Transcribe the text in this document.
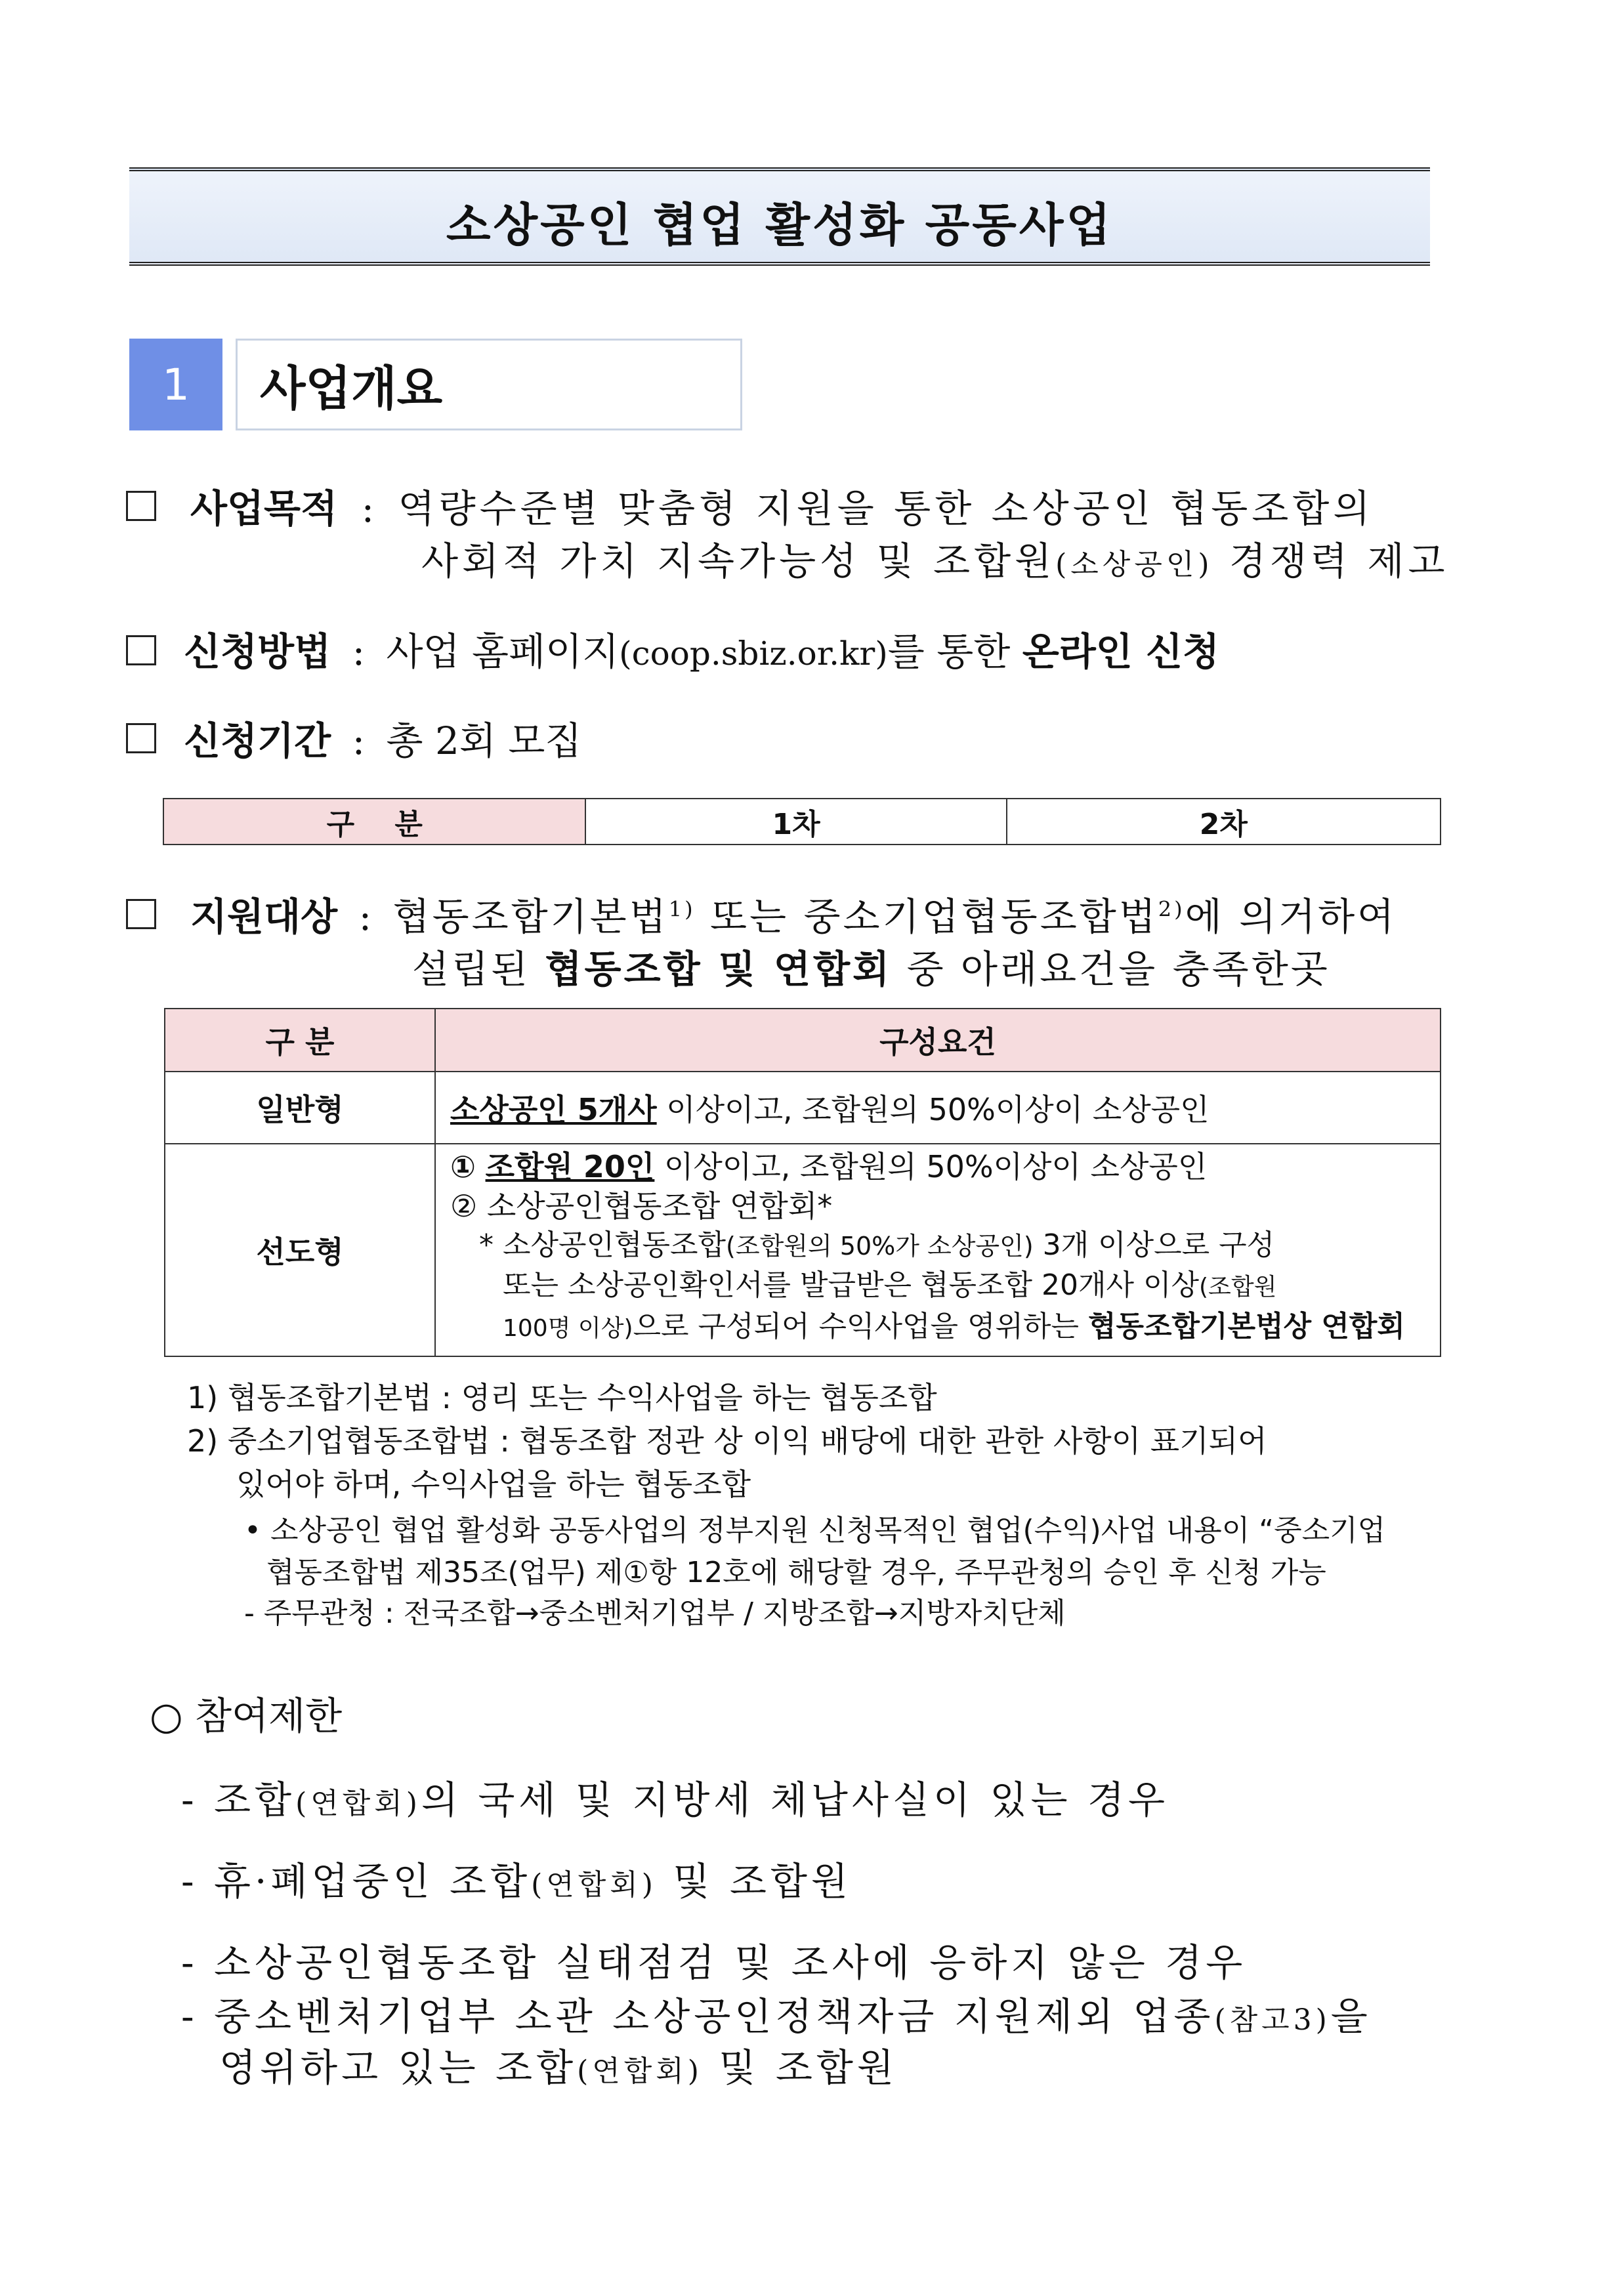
소상공인 협업 활성화 공동사업
1	사업개요
사업목적 : 역량수준별 맞춤형 지원을 통한 소상공인 협동조합의
사회적 가치 지속가능성 및 조합원(소상공인) 경쟁력 제고
신청방법 : 사업 홈페이지(coop.sbiz.or.kr)를 통한 온라인 신청
신청기간 : 총 2회 모집
구    분	1차	2차
지원대상 : 협동조합기본법$^{1)}$ 또는 중소기업협동조합법$^{2)}$에 의거하여
설립된 협동조합 및 연합회 중 아래요건을 충족한곳
구 분	구성요건
일반형	소상공인 5개사 이상이고, 조합원의 50%이상이 소상공인
선도형	① 조합원 20인 이상이고, 조합원의 50%이상이 소상공인
② 소상공인협동조합 연합회*
* 소상공인협동조합(조합원의 50%가 소상공인) 3개 이상으로 구성
또는 소상공인확인서를 발급받은 협동조합 20개사 이상(조합원
100명 이상)으로 구성되어 수익사업을 영위하는 협동조합기본법상 연합회
1) 협동조합기본법 : 영리 또는 수익사업을 하는 협동조합
2) 중소기업협동조합법 : 협동조합 정관 상 이익 배당에 대한 관한 사항이 표기되어
있어야 하며, 수익사업을 하는 협동조합
• 소상공인 협업 활성화 공동사업의 정부지원 신청목적인 협업(수익)사업 내용이 “중소기업
협동조합법 제35조(업무) 제①항 12호에 해당할 경우, 주무관청의 승인 후 신청 가능
- 주무관청 : 전국조합→중소벤처기업부 / 지방조합→지방자치단체
○ 참여제한
- 조합(연합회)의 국세 및 지방세 체납사실이 있는 경우
- 휴·폐업중인 조합(연합회) 및 조합원
- 소상공인협동조합 실태점검 및 조사에 응하지 않은 경우
- 중소벤처기업부 소관 소상공인정책자금 지원제외 업종(참고3)을
영위하고 있는 조합(연합회) 및 조합원
